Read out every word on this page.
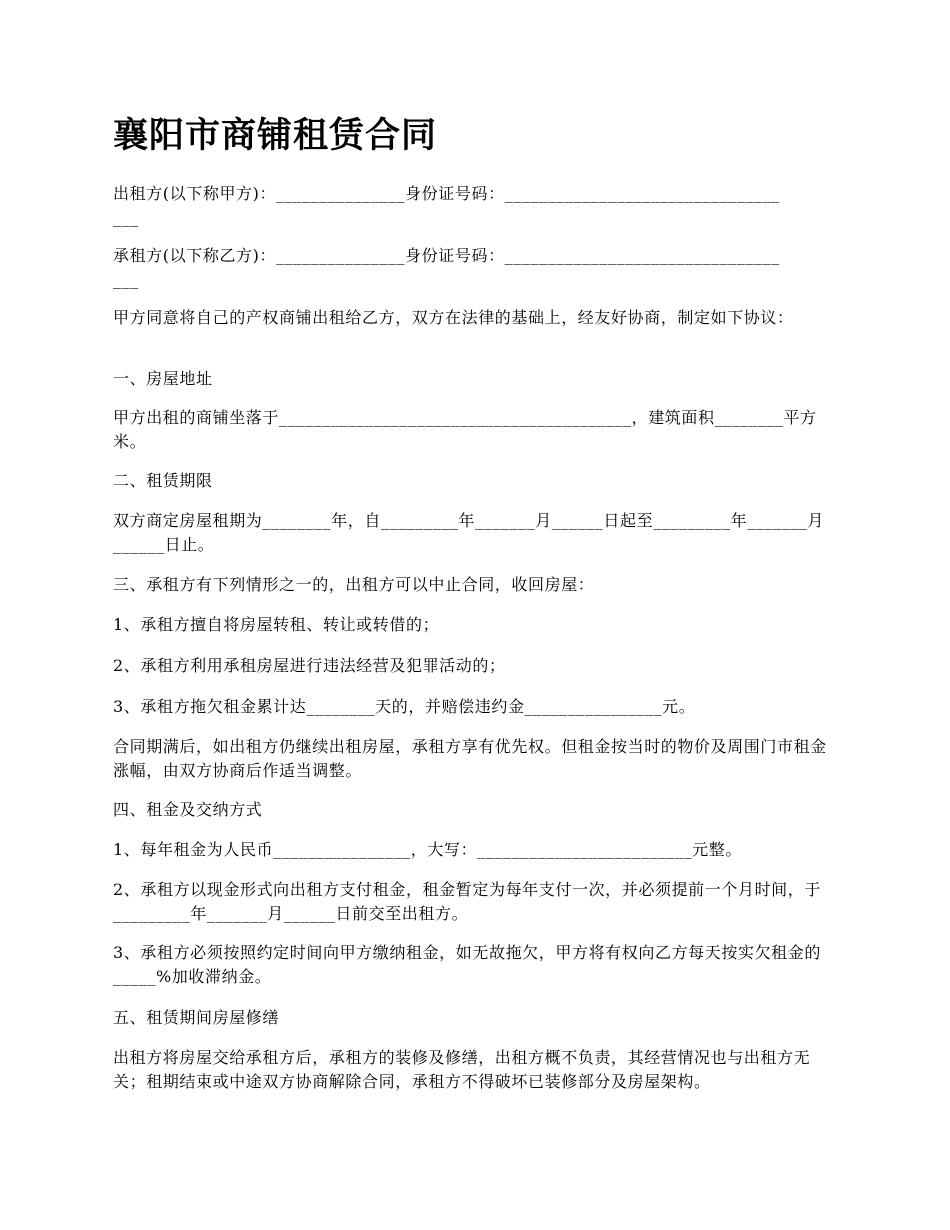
襄阳市商铺租赁合同

出租方(以下称甲方)：_______________身份证号码：________________________________
___

承租方(以下称乙方)：_______________身份证号码：________________________________
___

甲方同意将自己的产权商铺出租给乙方，双方在法律的基础上，经友好协商，制定如下协议：

一、房屋地址

甲方出租的商铺坐落于_________________________________________，建筑面积________平方米。

二、租赁期限

双方商定房屋租期为________年，自_________年_______月______日起至_________年_______月______日止。

三、承租方有下列情形之一的，出租方可以中止合同，收回房屋：

1、承租方擅自将房屋转租、转让或转借的；

2、承租方利用承租房屋进行违法经营及犯罪活动的；

3、承租方拖欠租金累计达________天的，并赔偿违约金________________元。

合同期满后，如出租方仍继续出租房屋，承租方享有优先权。但租金按当时的物价及周围门市租金涨幅，由双方协商后作适当调整。

四、租金及交纳方式

1、每年租金为人民币________________，大写：_________________________元整。

2、承租方以现金形式向出租方支付租金，租金暂定为每年支付一次，并必须提前一个月时间，于_________年_______月______日前交至出租方。

3、承租方必须按照约定时间向甲方缴纳租金，如无故拖欠，甲方将有权向乙方每天按实欠租金的_____%加收滞纳金。

五、租赁期间房屋修缮

出租方将房屋交给承租方后，承租方的装修及修缮，出租方概不负责，其经营情况也与出租方无关；租期结束或中途双方协商解除合同，承租方不得破坏已装修部分及房屋架构。
